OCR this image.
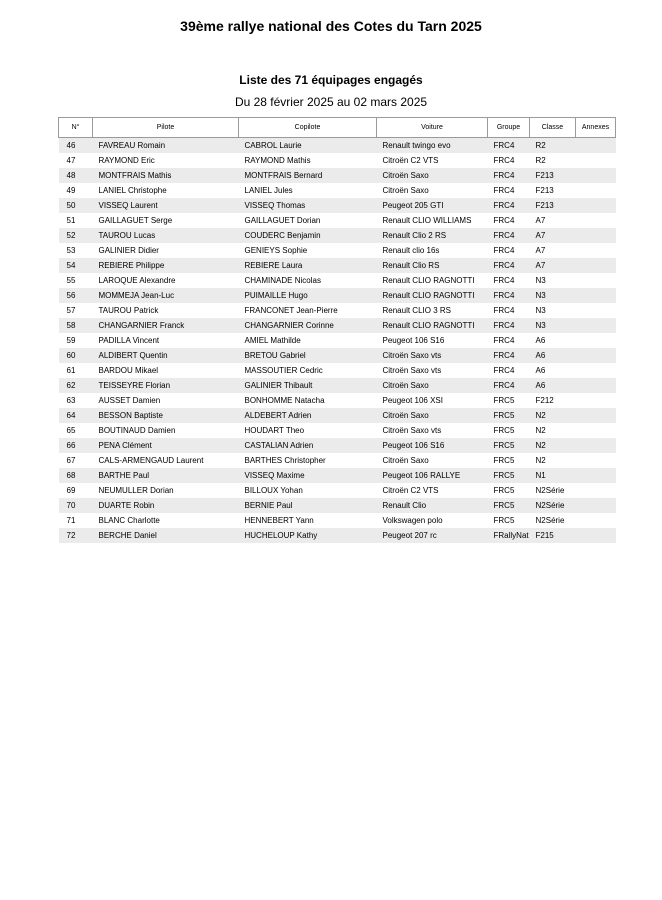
39ème rallye national des Cotes du Tarn 2025
Liste des 71 équipages engagés
Du 28 février 2025 au 02 mars 2025
N°	Pilote	Copilote	Voiture	Groupe	Classe	Annexes
46	FAVREAU Romain	CABROL Laurie	Renault twingo evo	FRC4	R2	
47	RAYMOND Eric	RAYMOND Mathis	Citroën C2 VTS	FRC4	R2	
48	MONTFRAIS Mathis	MONTFRAIS Bernard	Citroën Saxo	FRC4	F213	
49	LANIEL Christophe	LANIEL Jules	Citroën Saxo	FRC4	F213	
50	VISSEQ Laurent	VISSEQ Thomas	Peugeot 205 GTI	FRC4	F213	
51	GAILLAGUET Serge	GAILLAGUET Dorian	Renault CLIO WILLIAMS	FRC4	A7	
52	TAUROU Lucas	COUDERC Benjamin	Renault Clio 2 RS	FRC4	A7	
53	GALINIER Didier	GENIEYS Sophie	Renault clio 16s	FRC4	A7	
54	REBIERE Philippe	REBIERE Laura	Renault Clio RS	FRC4	A7	
55	LAROQUE Alexandre	CHAMINADE Nicolas	Renault CLIO RAGNOTTI	FRC4	N3	
56	MOMMEJA Jean-Luc	PUIMAILLE Hugo	Renault CLIO RAGNOTTI	FRC4	N3	
57	TAUROU Patrick	FRANCONET Jean-Pierre	Renault CLIO 3 RS	FRC4	N3	
58	CHANGARNIER Franck	CHANGARNIER Corinne	Renault CLIO RAGNOTTI	FRC4	N3	
59	PADILLA Vincent	AMIEL Mathilde	Peugeot 106 S16	FRC4	A6	
60	ALDIBERT Quentin	BRETOU Gabriel	Citroën Saxo vts	FRC4	A6	
61	BARDOU Mikael	MASSOUTIER Cedric	Citroën Saxo vts	FRC4	A6	
62	TEISSEYRE Florian	GALINIER Thibault	Citroën Saxo	FRC4	A6	
63	AUSSET Damien	BONHOMME Natacha	Peugeot 106 XSI	FRC5	F212	
64	BESSON Baptiste	ALDEBERT Adrien	Citroën Saxo	FRC5	N2	
65	BOUTINAUD Damien	HOUDART Theo	Citroën Saxo vts	FRC5	N2	
66	PENA Clément	CASTALIAN Adrien	Peugeot 106 S16	FRC5	N2	
67	CALS-ARMENGAUD Laurent	BARTHES Christopher	Citroën Saxo	FRC5	N2	
68	BARTHE Paul	VISSEQ Maxime	Peugeot 106 RALLYE	FRC5	N1	
69	NEUMULLER Dorian	BILLOUX Yohan	Citroën C2 VTS	FRC5	N2Série	
70	DUARTE Robin	BERNIE Paul	Renault Clio	FRC5	N2Série	
71	BLANC Charlotte	HENNEBERT Yann	Volkswagen polo	FRC5	N2Série	
72	BERCHE Daniel	HUCHELOUP Kathy	Peugeot 207 rc	FRallyNat	F215	
